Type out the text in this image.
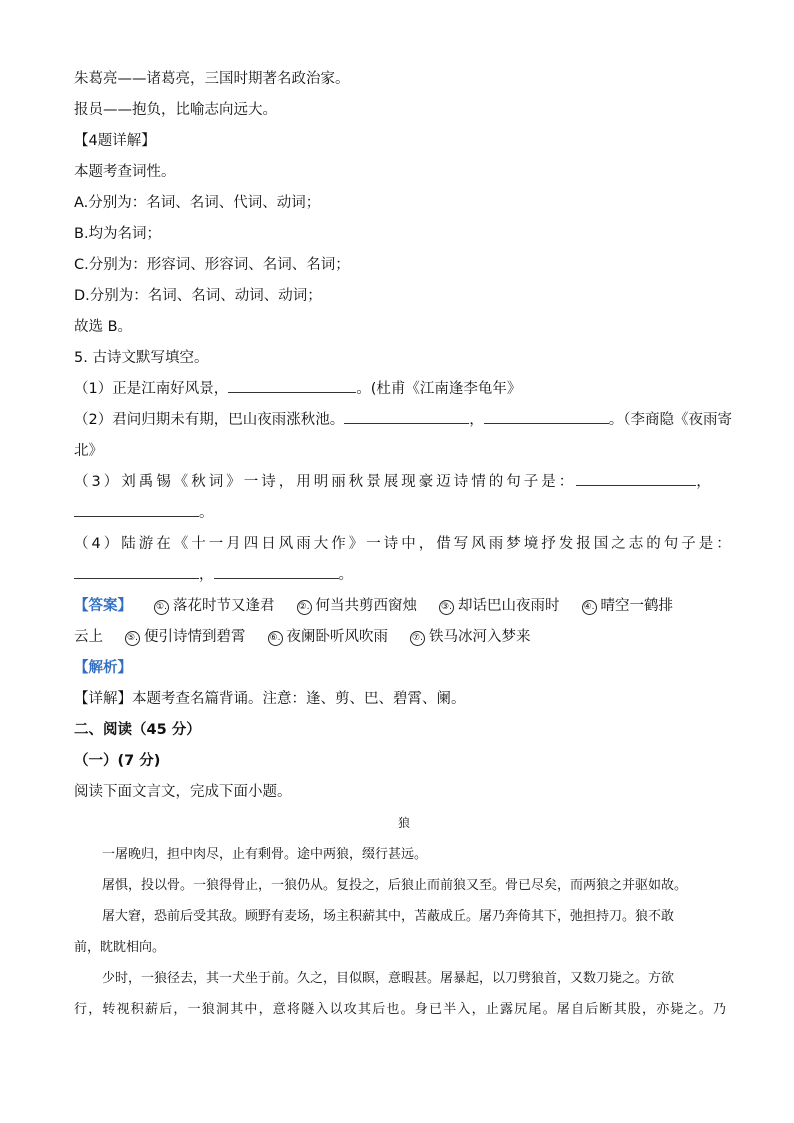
朱葛亮——诸葛亮，三国时期著名政治家。
报员——抱负，比喻志向远大。
【4题详解】
本题考查词性。
A.分别为：名词、名词、代词、动词；
B.均为名词；
C.分别为：形容词、形容词、名词、名词；
D.分别为：名词、名词、动词、动词；
故选 B。
5. 古诗文默写填空。
（1）正是江南好风景，	。(杜甫《江南逢李龟年》
（2）君问归期未有期，巴山夜雨涨秋池。	，	。（李商隐《夜雨寄
北》
（3）刘禹锡《秋词》一诗，用明丽秋景展现豪迈诗情的句子是：	，
。
（4）陆游在《十一月四日风雨大作》一诗中，借写风雨梦境抒发报国之志的句子是：
，	。
【答案】	①. 落花时节又逢君	②. 何当共剪西窗烛	③. 却话巴山夜雨时	④. 晴空一鹤排
云上	⑤. 便引诗情到碧霄	⑥. 夜阑卧听风吹雨	⑦. 铁马冰河入梦来
【解析】
【详解】本题考查名篇背诵。注意：逢、剪、巴、碧霄、阑。
二、阅读（45 分）
（一）(7 分)
阅读下面文言文，完成下面小题。
狼
一屠晚归，担中肉尽，止有剩骨。途中两狼，缀行甚远。
屠惧，投以骨。一狼得骨止，一狼仍从。复投之，后狼止而前狼又至。骨已尽矣，而两狼之并驱如故。
屠大窘，恐前后受其敌。顾野有麦场，场主积薪其中，苫蔽成丘。屠乃奔倚其下，弛担持刀。狼不敢
前，眈眈相向。
少时，一狼径去，其一犬坐于前。久之，目似瞑，意暇甚。屠暴起，以刀劈狼首，又数刀毙之。方欲
行，转视积薪后，一狼洞其中，意将隧入以攻其后也。身已半入，止露尻尾。屠自后断其股，亦毙之。乃
